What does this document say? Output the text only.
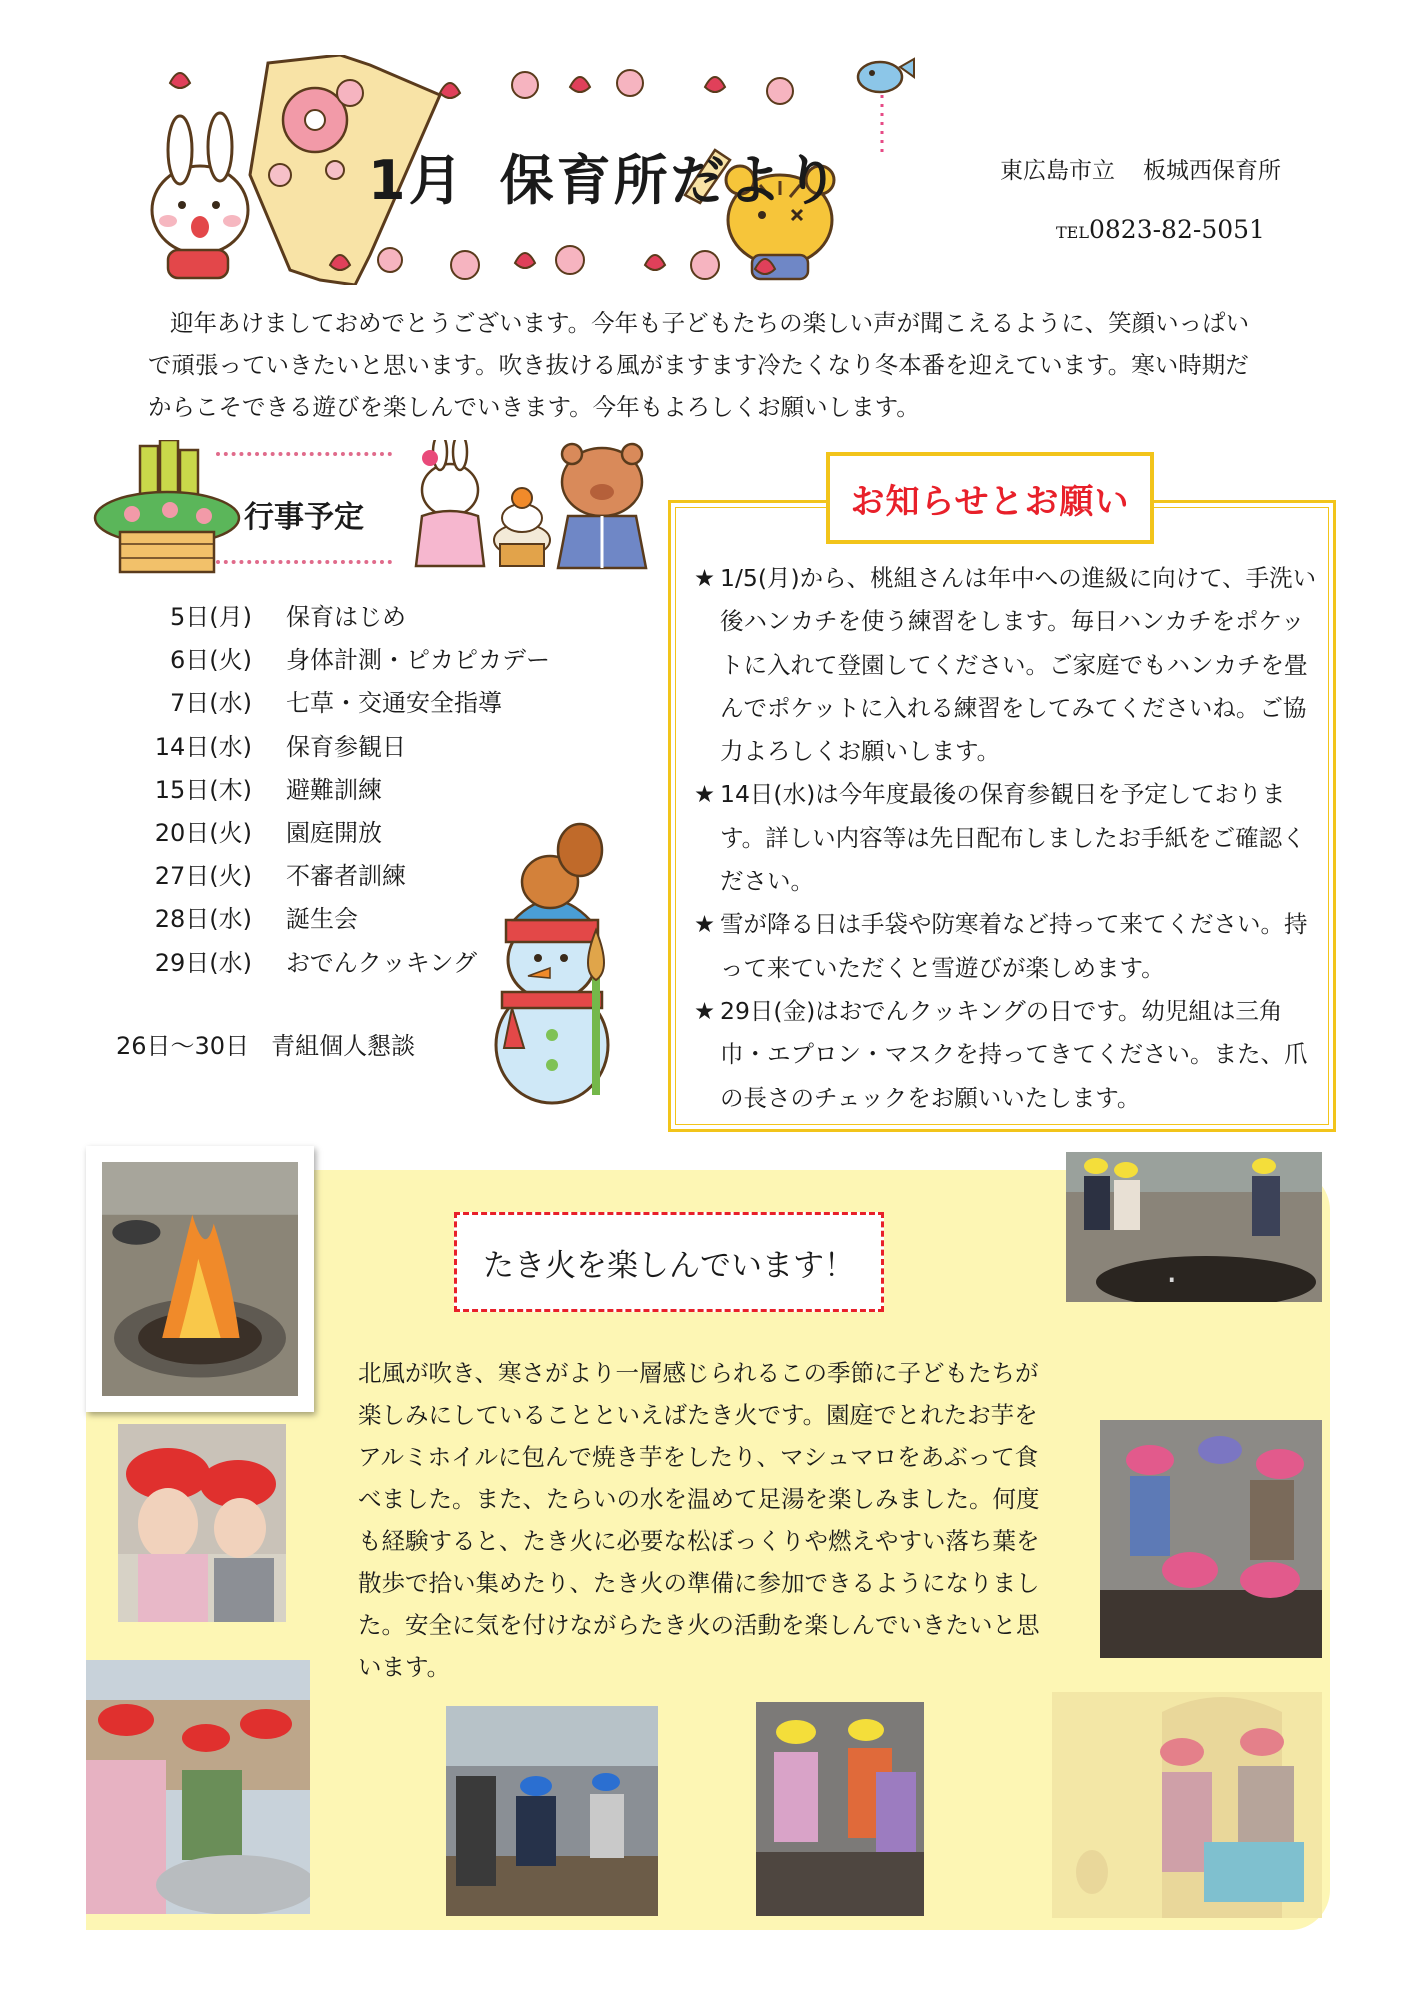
1月 保育所だより	東広島市立 板城西保育所
TEL0823-82-5051

迎年あけましておめでとうございます。今年も子どもたちの楽しい声が聞こえるように、笑顔いっぱいで頑張っていきたいと思います。吹き抜ける風がますます冷たくなり冬本番を迎えています。寒い時期だからこそできる遊びを楽しんでいきます。今年もよろしくお願いします。

行事予定
5日(月)	保育はじめ
6日(火)	身体計測・ピカピカデー
7日(水)	七草・交通安全指導
14日(水)	保育参観日
15日(木)	避難訓練
20日(火)	園庭開放
27日(火)	不審者訓練
28日(水)	誕生会
29日(水)	おでんクッキング
26日～30日 青組個人懇談
お知らせとお願い
★ 1/5(月)から、桃組さんは年中への進級に向けて、手洗い後ハンカチを使う練習をします。毎日ハンカチをポケットに入れて登園してください。ご家庭でもハンカチを畳んでポケットに入れる練習をしてみてくださいね。ご協力よろしくお願いします。
★ 14日(水)は今年度最後の保育参観日を予定しております。詳しい内容等は先日配布しましたお手紙をご確認ください。
★ 雪が降る日は手袋や防寒着など持って来てください。持って来ていただくと雪遊びが楽しめます。
★ 29日(金)はおでんクッキングの日です。幼児組は三角巾・エプロン・マスクを持ってきてください。また、爪の長さのチェックをお願いいたします。
たき火を楽しんでいます！
北風が吹き、寒さがより一層感じられるこの季節に子どもたちが楽しみにしていることといえばたき火です。園庭でとれたお芋をアルミホイルに包んで焼き芋をしたり、マシュマロをあぶって食べました。また、たらいの水を温めて足湯を楽しみました。何度も経験すると、たき火に必要な松ぼっくりや燃えやすい落ち葉を散歩で拾い集めたり、たき火の準備に参加できるようになりました。安全に気を付けながらたき火の活動を楽しんでいきたいと思います。
·
